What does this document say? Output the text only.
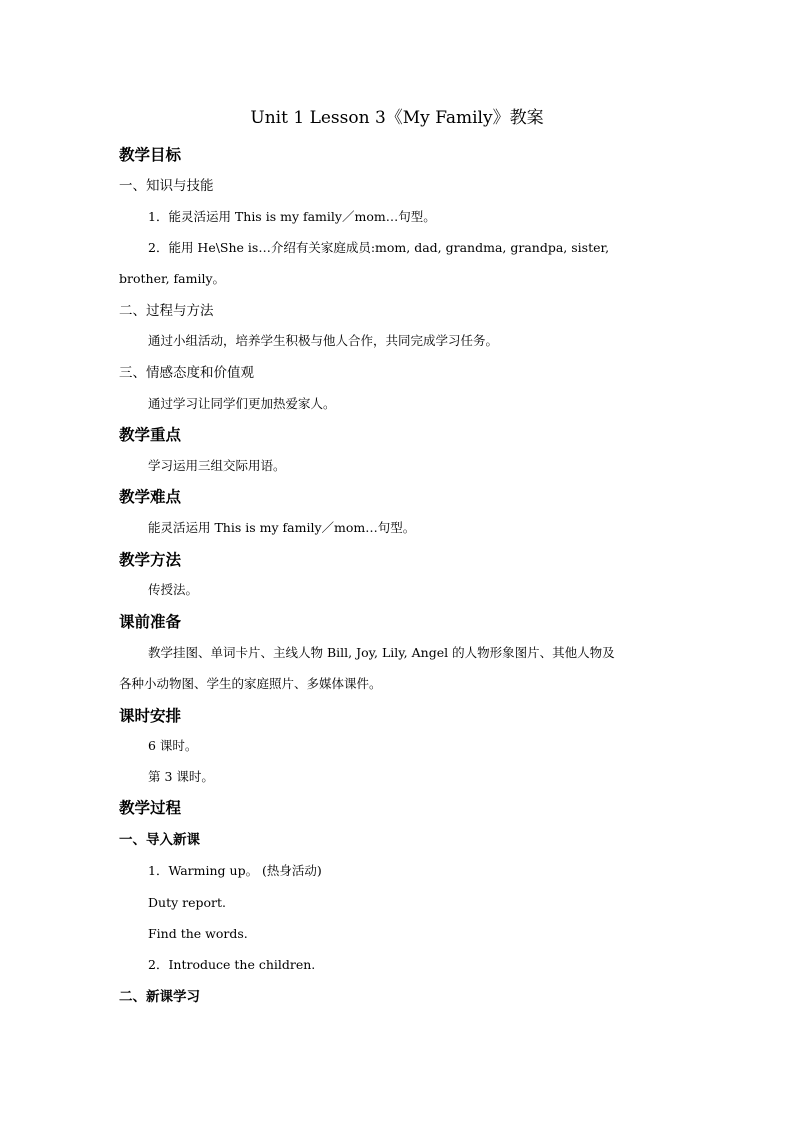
Unit 1 Lesson 3《My Family》教案
教学目标
一、知识与技能
1．能灵活运用 This is my family／mom…句型。
2．能用 He\She is…介绍有关家庭成员:mom, dad, grandma, grandpa, sister,
brother, family。
二、过程与方法
通过小组活动，培养学生积极与他人合作，共同完成学习任务。
三、情感态度和价值观
通过学习让同学们更加热爱家人。
教学重点
学习运用三组交际用语。
教学难点
能灵活运用 This is my family／mom…句型。
教学方法
传授法。
课前准备
教学挂图、单词卡片、主线人物 Bill, Joy, Lily, Angel 的人物形象图片、其他人物及
各种小动物图、学生的家庭照片、多媒体课件。
课时安排
6 课时。
第 3 课时。
教学过程
一、导入新课
1．Warming up。 (热身活动)
Duty report.
Find the words.
2．Introduce the children.
二、新课学习
